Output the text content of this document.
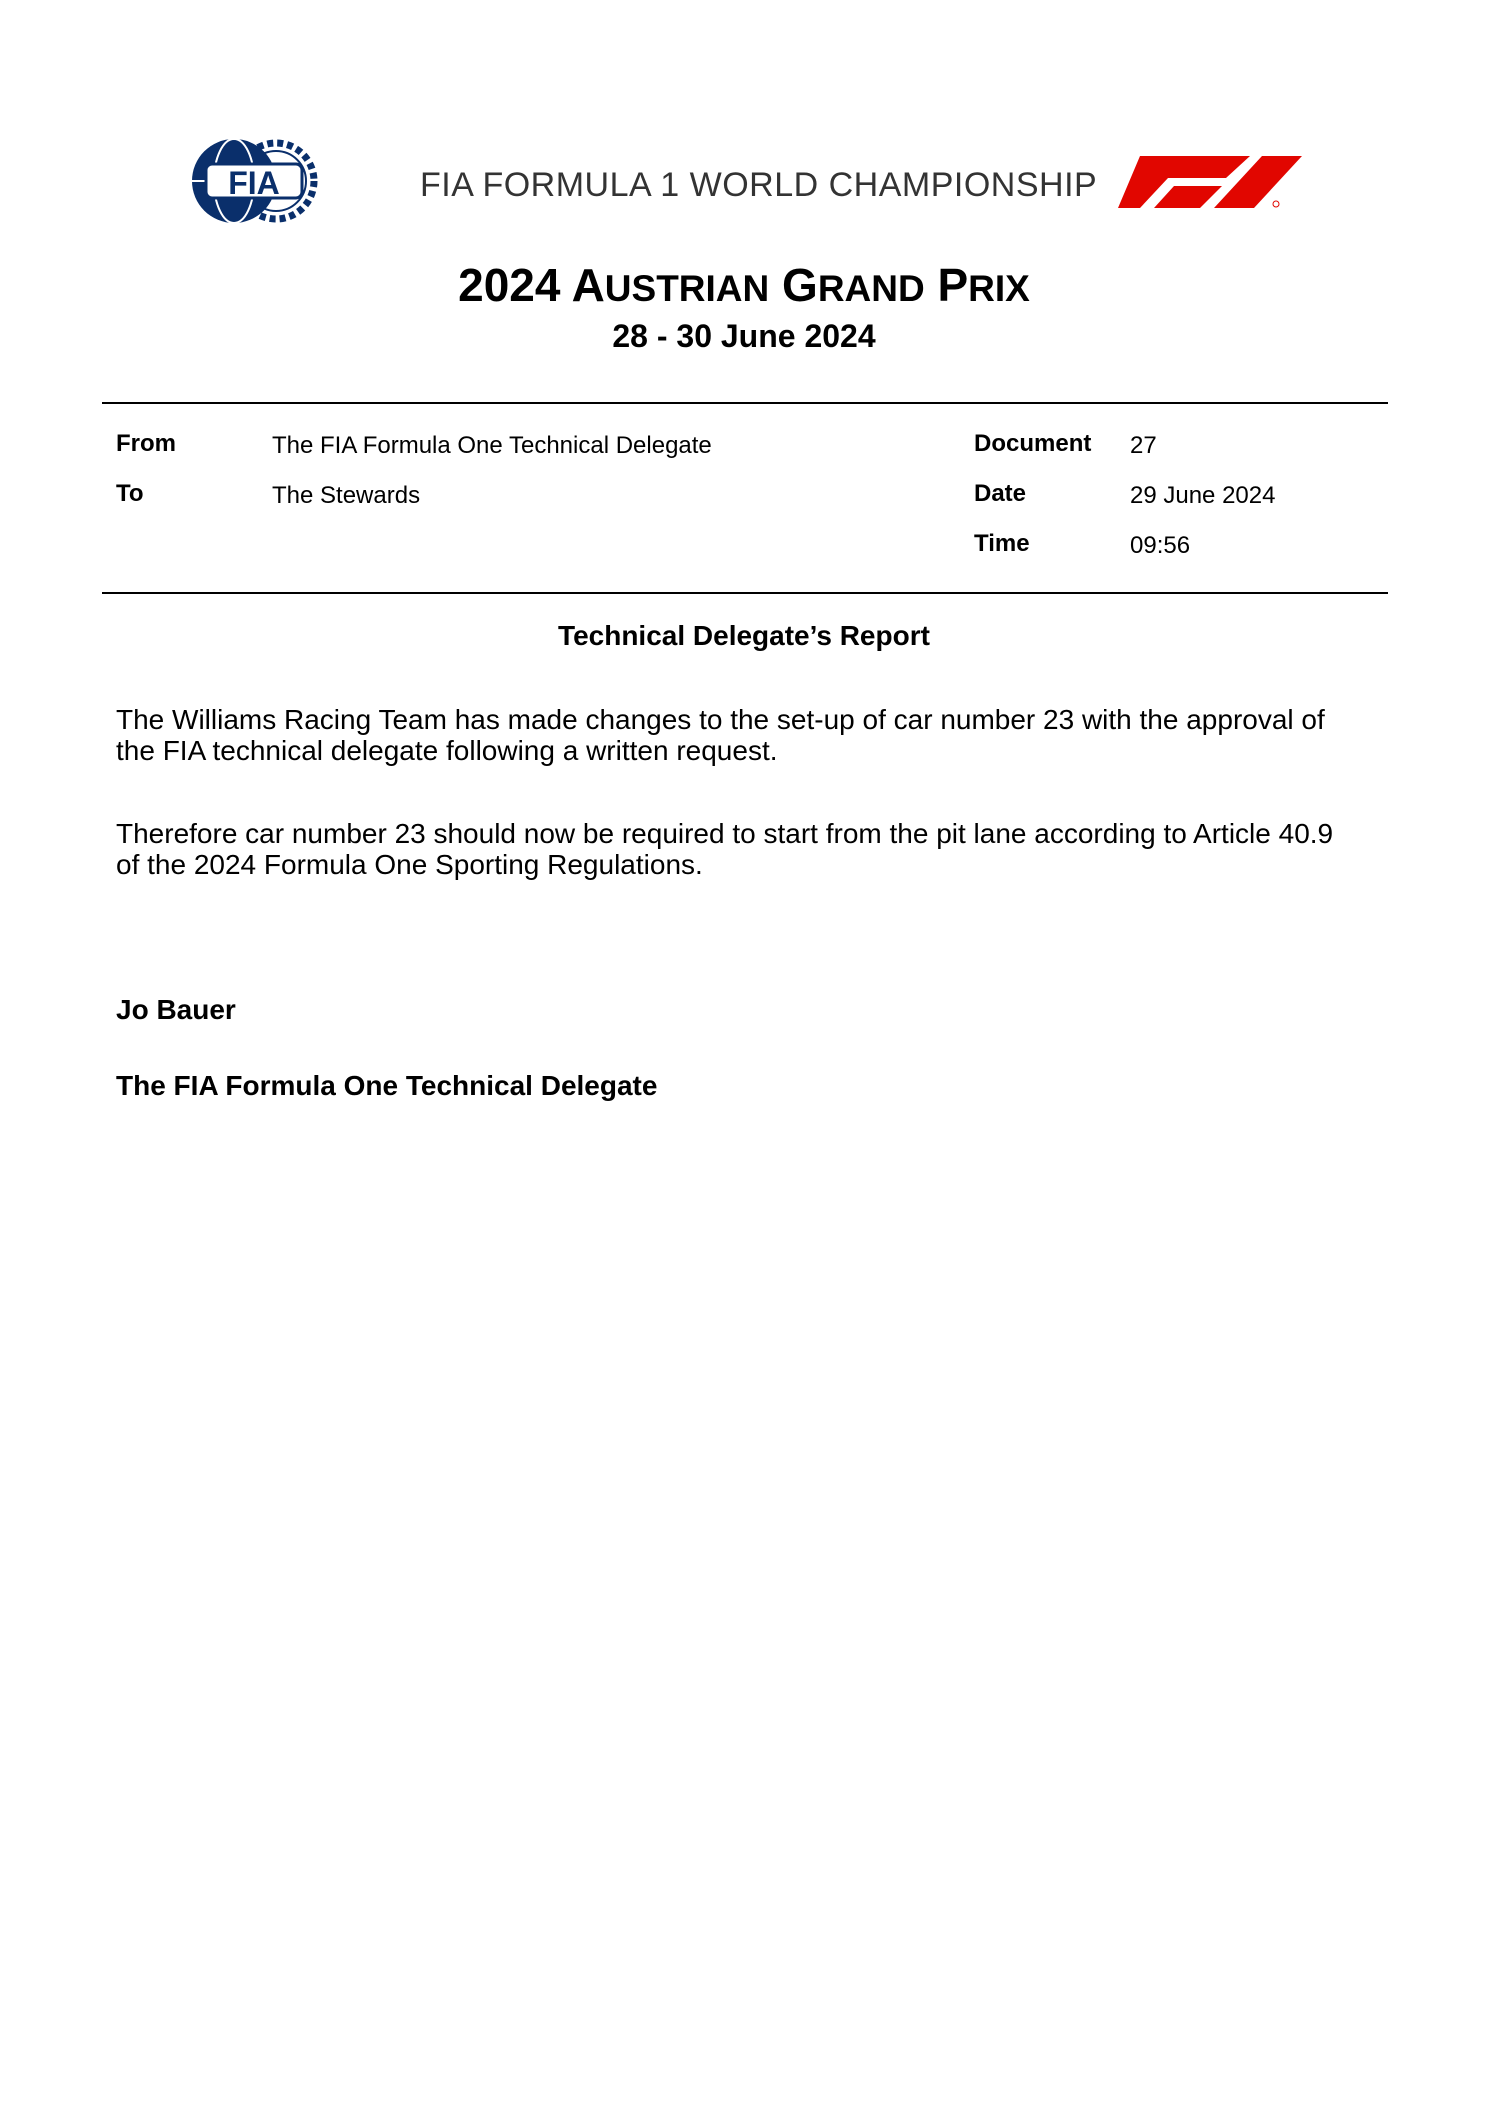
FIA	FIA FORMULA 1 WORLD CHAMPIONSHIP
2024 AUSTRIAN GRAND PRIX
28 - 30 June 2024
From	The FIA Formula One Technical Delegate
To	The Stewards
Document 27
Date	29 June 2024
Time	09:56
Technical Delegate’s Report
The Williams Racing Team has made changes to the set-up of car number 23 with the approval of
the FIA technical delegate following a written request.
Therefore car number 23 should now be required to start from the pit lane according to Article 40.9
of the 2024 Formula One Sporting Regulations.
Jo Bauer
The FIA Formula One Technical Delegate
